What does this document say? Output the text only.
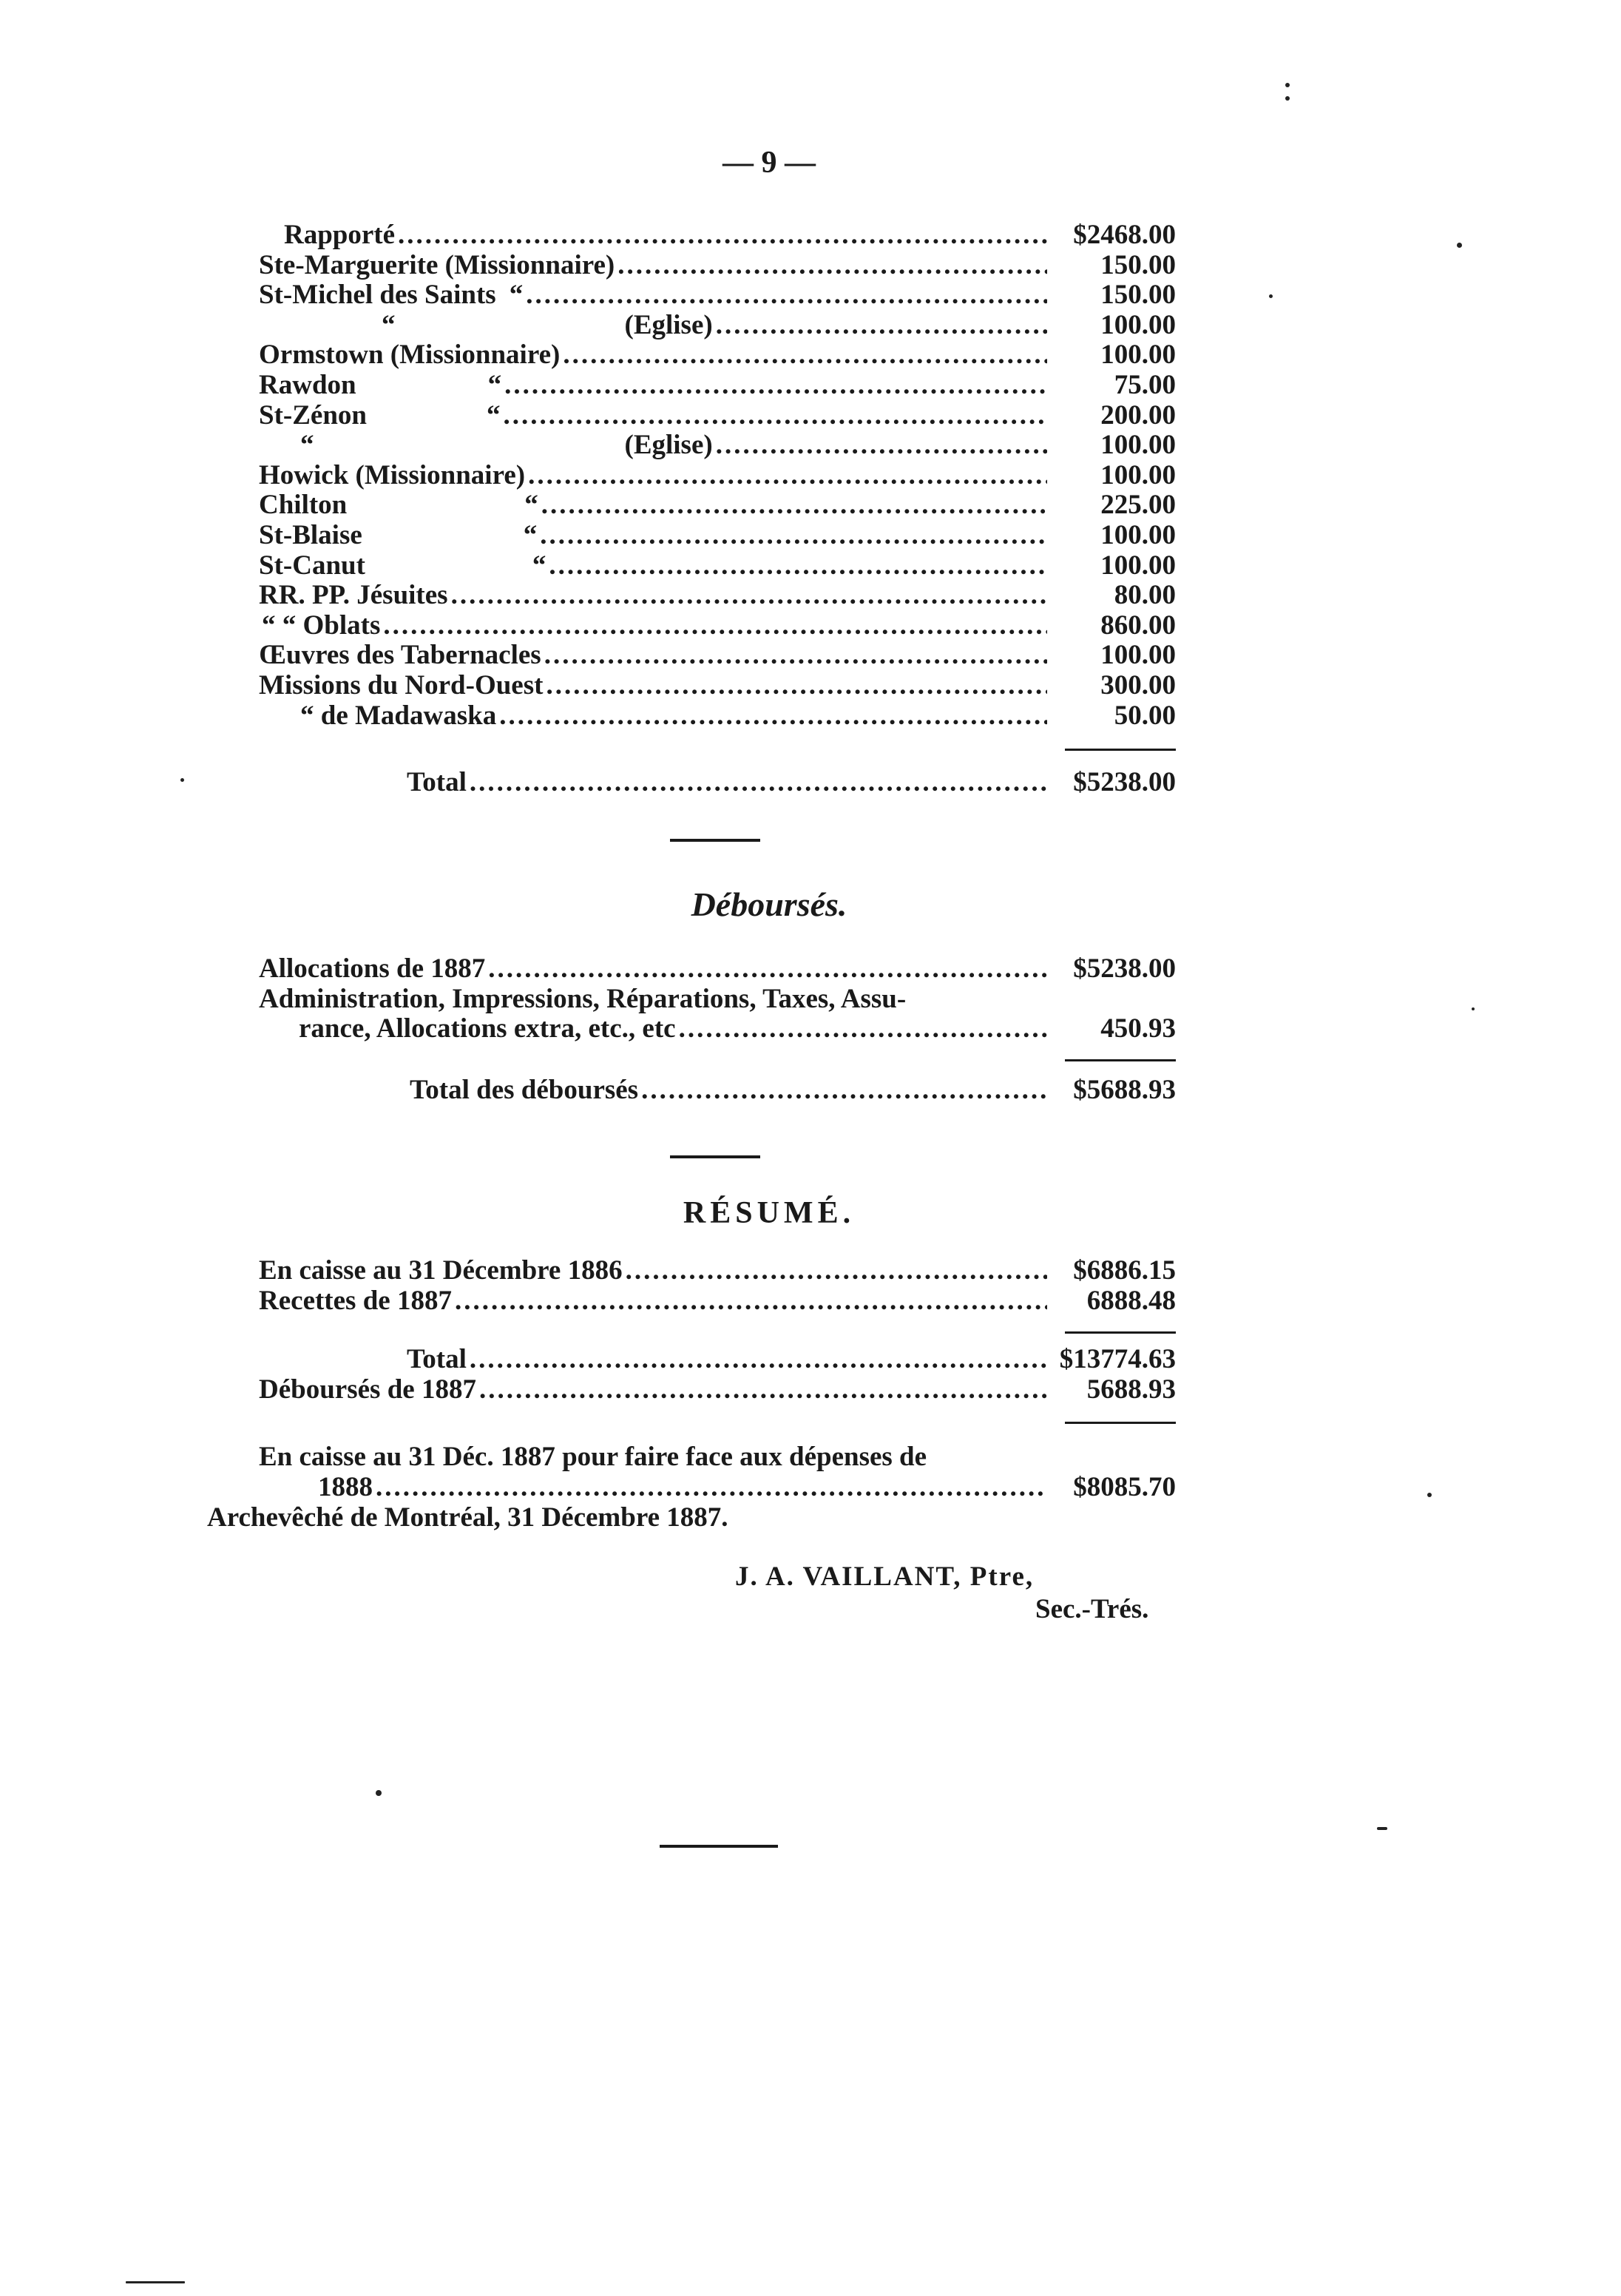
— 9 —
Rapporté .....	$2468.00
Ste-Marguerite (Missionnaire) .....	150.00
St-Michel des Saints “ .....	150.00
“	(Eglise) .....	100.00
Ormstown (Missionnaire) .....	100.00
Rawdon	“ .....	75.00
St-Zénon	“ .....	200.00
“	(Eglise) .....	100.00
Howick (Missionnaire) .....	100.00
Chilton	“ .....	225.00
St-Blaise	“ .....	100.00
St-Canut	“ .....	100.00
RR. PP. Jésuites .....	80.00
“ “ Oblats .....	860.00
Œuvres des Tabernacles .....	100.00
Missions du Nord-Ouest .....	300.00
“ de Madawaska .....	50.00
Total .....	$5238.00
Déboursés.
Allocations de 1887 .....	$5238.00
Administration, Impressions, Réparations, Taxes, Assu-
rance, Allocations extra, etc., etc .....	450.93
Total des déboursés .....	$5688.93
RÉSUMÉ.
En caisse au 31 Décembre 1886 .....	$6886.15
Recettes de 1887 .....	6888.48
Total .....	$13774.63
Déboursés de 1887 .....	5688.93
En caisse au 31 Déc. 1887 pour faire face aux dépenses de
1888 .....	$8085.70
Archevêché de Montréal, 31 Décembre 1887.
J. A. VAILLANT, Ptre,
Sec.-Trés.
